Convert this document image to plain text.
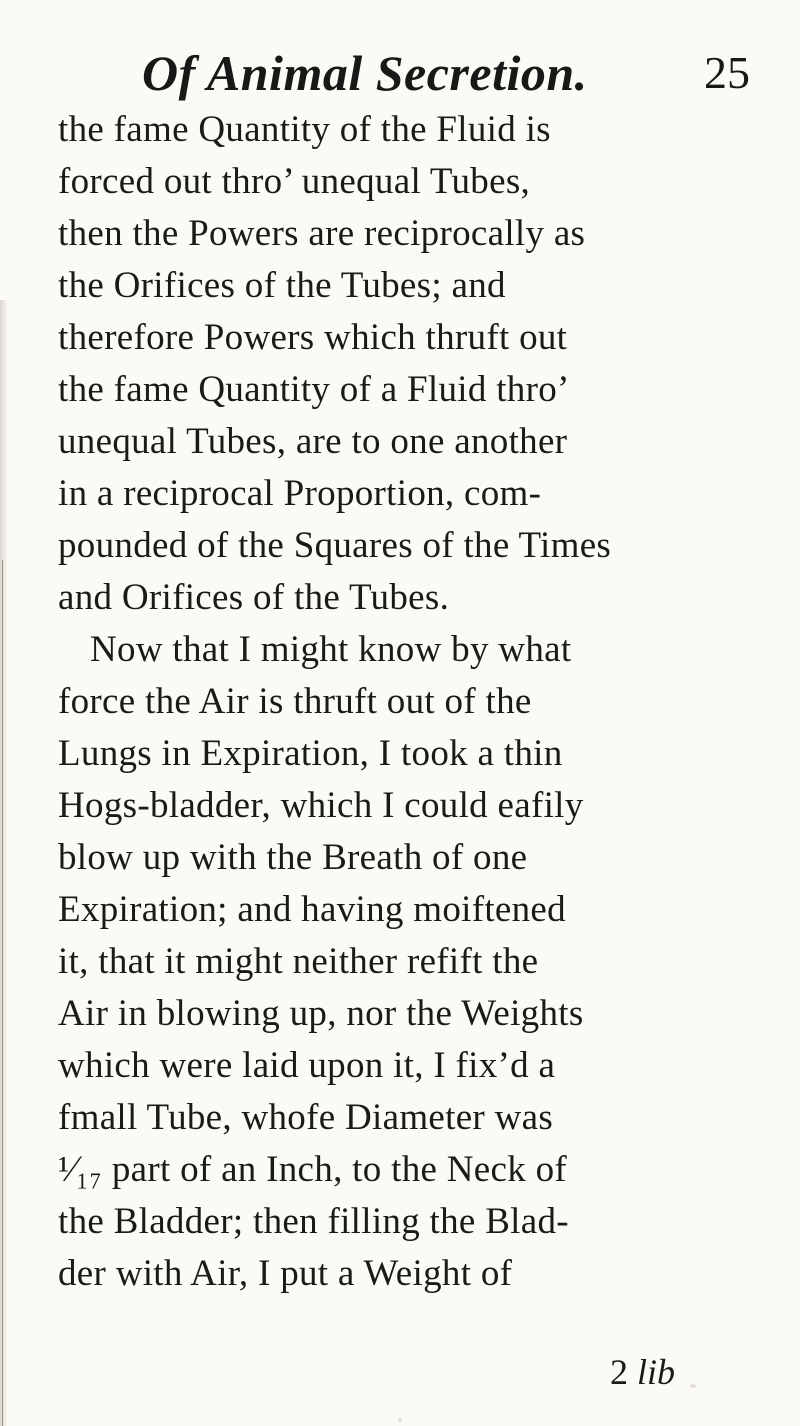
Of Animal Secretion.	25
the fame Quantity of the Fluid is
forced out thro’ unequal Tubes,
then the Powers are reciprocally as
the Orifices of the Tubes; and
therefore Powers which thruft out
the fame Quantity of a Fluid thro’
unequal Tubes, are to one another
in a reciprocal Proportion, com-
pounded of the Squares of the Times
and Orifices of the Tubes.
Now that I might know by what
force the Air is thruft out of the
Lungs in Expiration, I took a thin
Hogs-bladder, which I could eafily
blow up with the Breath of one
Expiration; and having moiftened
it, that it might neither refift the
Air in blowing up, nor the Weights
which were laid upon it, I fix’d a
fmall Tube, whofe Diameter was
¹⁄₁₇ part of an Inch, to the Neck of
the Bladder; then filling the Blad-
der with Air, I put a Weight of
2 lib
